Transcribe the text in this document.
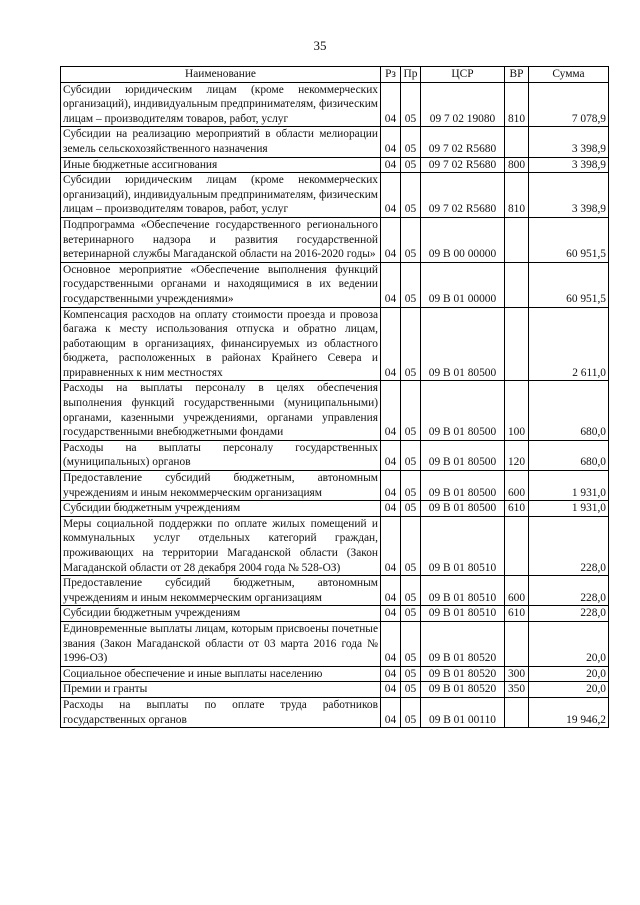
35
Наименование	Рз	Пр	ЦСР	ВР	Сумма
Субсидии юридическим лицам (кроме некоммерческих организаций), индивидуальным предпринимателям, физическим лицам – производителям товаров, работ, услуг	04	05	09 7 02 19080	810	7 078,9
Субсидии на реализацию мероприятий в области мелиорации земель сельскохозяйственного назначения	04	05	09 7 02 R5680		3 398,9
Иные бюджетные ассигнования	04	05	09 7 02 R5680	800	3 398,9
Субсидии юридическим лицам (кроме некоммерческих организаций), индивидуальным предпринимателям, физическим лицам – производителям товаров, работ, услуг	04	05	09 7 02 R5680	810	3 398,9
Подпрограмма «Обеспечение государственного регионального ветеринарного надзора и развития государственной ветеринарной службы Магаданской области на 2016-2020 годы»	04	05	09 В 00 00000		60 951,5
Основное мероприятие «Обеспечение выполнения функций государственными органами и находящимися в их ведении государственными учреждениями»	04	05	09 В 01 00000		60 951,5
Компенсация расходов на оплату стоимости проезда и провоза багажа к месту использования отпуска и обратно лицам, работающим в организациях, финансируемых из областного бюджета, расположенных в районах Крайнего Севера и приравненных к ним местностях	04	05	09 В 01 80500		2 611,0
Расходы на выплаты персоналу в целях обеспечения выполнения функций государственными (муниципальными) органами, казенными учреждениями, органами управления государственными внебюджетными фондами	04	05	09 В 01 80500	100	680,0
Расходы на выплаты персоналу государственных (муниципальных) органов	04	05	09 В 01 80500	120	680,0
Предоставление субсидий бюджетным, автономным учреждениям и иным некоммерческим организациям	04	05	09 В 01 80500	600	1 931,0
Субсидии бюджетным учреждениям	04	05	09 В 01 80500	610	1 931,0
Меры социальной поддержки по оплате жилых помещений и коммунальных услуг отдельных категорий граждан, проживающих на территории Магаданской области (Закон Магаданской области от 28 декабря 2004 года № 528-ОЗ)	04	05	09 В 01 80510		228,0
Предоставление субсидий бюджетным, автономным учреждениям и иным некоммерческим организациям	04	05	09 В 01 80510	600	228,0
Субсидии бюджетным учреждениям	04	05	09 В 01 80510	610	228,0
Единовременные выплаты лицам, которым присвоены почетные звания (Закон Магаданской области от 03 марта 2016 года № 1996-ОЗ)	04	05	09 В 01 80520		20,0
Социальное обеспечение и иные выплаты населению	04	05	09 В 01 80520	300	20,0
Премии и гранты	04	05	09 В 01 80520	350	20,0
Расходы на выплаты по оплате труда работников государственных органов	04	05	09 В 01 00110		19 946,2
